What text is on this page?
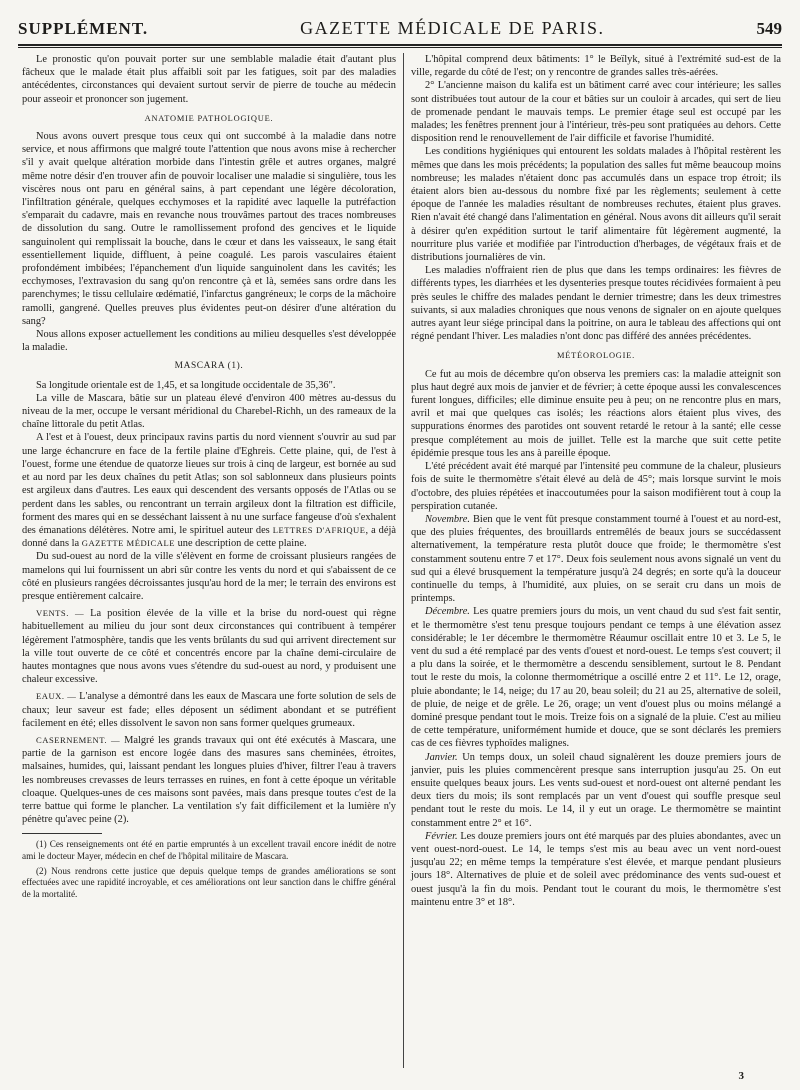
SUPPLÉMENT.	GAZETTE MÉDICALE DE PARIS.	549

Le pronostic qu'on pouvait porter sur une semblable maladie était d'autant plus fâcheux que le malade était plus affaibli soit par les fatigues, soit par des maladies antécédentes, circonstances qui devaient surtout servir de pierre de touche au médecin pour asseoir et prononcer son jugement.

ANATOMIE PATHOLOGIQUE.

Nous avons ouvert presque tous ceux qui ont succombé à la maladie dans notre service, et nous affirmons que malgré toute l'attention que nous avons mise à rechercher s'il y avait quelque altération morbide dans l'intestin grêle et autres organes, malgré même notre désir d'en trouver afin de pouvoir localiser une maladie si singulière, tous les viscères nous ont paru en général sains, à part cependant une légère décoloration, l'infiltration générale, quelques ecchymoses et la rapidité avec laquelle la putréfaction s'emparait du cadavre, mais en revanche nous trouvâmes partout des traces nombreuses de dissolution du sang. Outre le ramollissement profond des gencives et le liquide sanguinolent qui remplissait la bouche, dans le cœur et dans les vaisseaux, le sang était essentiellement liquide, diffluent, à peine coagulé. Les parois vasculaires étaient profondément imbibées; l'épanchement d'un liquide sanguinolent dans les cavités; les ecchymoses, l'extravasion du sang qu'on rencontre çà et là, semées sans ordre dans les parenchymes; le tissu cellulaire œdématié, l'infarctus gangréneux; le corps de la mâchoire ramolli, gangrené. Quelles preuves plus évidentes peut-on désirer d'une altération du sang?

Nous allons exposer actuellement les conditions au milieu desquelles s'est développée la maladie.

MASCARA (1).

Sa longitude orientale est de 1,45, et sa longitude occidentale de 35,36".

La ville de Mascara, bâtie sur un plateau élevé d'environ 400 mètres au-dessus du niveau de la mer, occupe le versant méridional du Charebel-Richh, un des rameaux de la chaîne littorale du petit Atlas.

A l'est et à l'ouest, deux principaux ravins partis du nord viennent s'ouvrir au sud par une large échancrure en face de la fertile plaine d'Eghreis. Cette plaine, qui, de l'est à l'ouest, forme une étendue de quatorze lieues sur trois à cinq de largeur, est bornée au sud et au nord par les deux chaînes du petit Atlas; son sol sablonneux dans plusieurs points est argileux dans d'autres. Les eaux qui descendent des versants opposés de l'Atlas ou se perdent dans les sables, ou rencontrant un terrain argileux dont la filtration est difficile, forment des mares qui en se desséchant laissent à nu une surface fangeuse d'où s'exhalent des émanations délétères. Notre ami, le spirituel auteur des LETTRES D'AFRIQUE, a déjà donné dans la GAZETTE MÉDICALE une description de cette plaine.

Du sud-ouest au nord de la ville s'élèvent en forme de croissant plusieurs rangées de mamelons qui lui fournissent un abri sûr contre les vents du nord et qui s'abaissent de ce côté en plusieurs rangées décroissantes jusqu'au hord de la mer; le terrain des environs est presque entièrement calcaire.

VENTS. — La position élevée de la ville et la brise du nord-ouest qui règne habituellement au milieu du jour sont deux circonstances qui contribuent à tempérer légèrement l'atmosphère, tandis que les vents brûlants du sud qui arrivent directement sur la ville tout ouverte de ce côté et concentrés encore par la chaîne demi-circulaire de hautes montagnes que nous avons vues s'étendre du sud-ouest au nord, y produisent une chaleur excessive.

EAUX. — L'analyse a démontré dans les eaux de Mascara une forte solution de sels de chaux; leur saveur est fade; elles déposent un sédiment abondant et se putréfient facilement en été; elles dissolvent le savon non sans former quelques grumeaux.

CASERNEMENT. — Malgré les grands travaux qui ont été exécutés à Mascara, une partie de la garnison est encore logée dans des masures sans cheminées, étroites, malsaines, humides, qui, laissant pendant les longues pluies d'hiver, filtrer l'eau à travers les nombreuses crevasses de leurs terrasses en ruines, en font à cette époque un véritable cloaque. Quelques-unes de ces maisons sont pavées, mais dans presque toutes c'est de la terre battue qui forme le plancher. La ventilation s'y fait difficilement et la lumière n'y pénètre qu'avec peine (2).

(1) Ces renseignements ont été en partie empruntés à un excellent travail encore inédit de notre ami le docteur Mayer, médecin en chef de l'hôpital militaire de Mascara.

(2) Nous rendrons cette justice que depuis quelque temps de grandes améliorations se sont effectuées avec une rapidité incroyable, et ces améliorations ont leur sanction dans le chiffre général de la mortalité.

L'hôpital comprend deux bâtiments: 1° le Beïlyk, situé à l'extrémité sud-est de la ville, regarde du côté de l'est; on y rencontre de grandes salles très-aérées.

2° L'ancienne maison du kalifa est un bâtiment carré avec cour intérieure; les salles sont distribuées tout autour de la cour et bâties sur un couloir à arcades, qui sert de lieu de promenade pendant le mauvais temps. Le premier étage seul est occupé par les malades; les fenêtres prennent jour à l'intérieur, très-peu sont pratiquées au dehors. Cette disposition rend le renouvellement de l'air difficile et favorise l'humidité.

Les conditions hygiéniques qui entourent les soldats malades à l'hôpital restèrent les mêmes que dans les mois précédents; la population des salles fut même beaucoup moins nombreuse; les malades n'étaient donc pas accumulés dans un espace trop étroit; ils étaient alors bien au-dessous du nombre fixé par les règlements; seulement à cette époque de l'année les maladies résultant de nombreuses rechutes, étaient plus graves. Rien n'avait été changé dans l'alimentation en général. Nous avons dit ailleurs qu'il serait à désirer qu'en expédition surtout le tarif alimentaire fût légèrement augmenté, la nourriture plus variée et modifiée par l'introduction d'herbages, de végétaux frais et de distributions journalières de vin.

Les maladies n'offraient rien de plus que dans les temps ordinaires: les fièvres de différents types, les diarrhées et les dysenteries presque toutes récidivées formaient à peu près seules le chiffre des malades pendant le dernier trimestre; dans les deux trimestres suivants, si aux maladies chroniques que nous venons de signaler on en ajoute quelques autres ayant leur siége principal dans la poitrine, on aura le tableau des affections qui ont régné pendant l'hiver. Les maladies n'ont donc pas différé des années précédentes.

MÉTÉOROLOGIE.

Ce fut au mois de décembre qu'on observa les premiers cas: la maladie atteignit son plus haut degré aux mois de janvier et de février; à cette époque aussi les convalescences furent longues, difficiles; elle diminue ensuite peu à peu; on ne rencontre plus en mars, avril et mai que quelques cas isolés; les réactions alors étaient plus vives, des suppurations énormes des parotides ont souvent retardé le retour à la santé; elle cesse presque complétement au mois de juillet. Telle est la marche que suit cette petite épidémie presque tous les ans à pareille époque.

L'été précédent avait été marqué par l'intensité peu commune de la chaleur, plusieurs fois de suite le thermomètre s'était élevé au delà de 45°; mais lorsque survint le mois d'octobre, des pluies répétées et inaccoutumées pour la saison modifièrent tout à coup la perspiration cutanée.

Novembre. Bien que le vent fût presque constamment tourné à l'ouest et au nord-est, que des pluies fréquentes, des brouillards entremêlés de beaux jours se succédassent alternativement, la température resta plutôt douce que froide; le thermomètre s'est constamment soutenu entre 7 et 17°. Deux fois seulement nous avons signalé un vent du sud qui a élevé brusquement la température jusqu'à 24 degrés; en sorte qu'à la douceur continuelle du temps, à l'humidité, aux pluies, on se serait cru dans un mois de printemps.

Décembre. Les quatre premiers jours du mois, un vent chaud du sud s'est fait sentir, et le thermomètre s'est tenu presque toujours pendant ce temps à une élévation assez considérable; le 1er décembre le thermomètre Réaumur oscillait entre 10 et 3. Le 5, le vent du sud a été remplacé par des vents d'ouest et nord-ouest. Le temps s'est couvert; il a plu dans la soirée, et le thermomètre a descendu sensiblement, surtout le 8. Pendant tout le reste du mois, la colonne thermométrique a oscillé entre 2 et 11°. Le 12, orage, pluie abondante; le 14, neige; du 17 au 20, beau soleil; du 21 au 25, alternative de soleil, de pluie, de neige et de grêle. Le 26, orage; un vent d'ouest plus ou moins mélangé a dominé presque pendant tout le mois. Treize fois on a signalé de la pluie. C'est au milieu de cette température, uniformément humide et douce, que se sont déclarés les premiers cas de ces fièvres typhoïdes malignes.

Janvier. Un temps doux, un soleil chaud signalèrent les douze premiers jours de janvier, puis les pluies commencèrent presque sans interruption jusqu'au 25. On eut ensuite quelques beaux jours. Les vents sud-ouest et nord-ouest ont alterné pendant les deux tiers du mois; ils sont remplacés par un vent d'ouest qui souffle presque seul pendant tout le reste du mois. Le 14, il y eut un orage. Le thermomètre se maintint constamment entre 2° et 16°.

Février. Les douze premiers jours ont été marqués par des pluies abondantes, avec un vent ouest-nord-ouest. Le 14, le temps s'est mis au beau avec un vent nord-ouest jusqu'au 22; en même temps la température s'est élevée, et marque pendant plusieurs jours 18°. Alternatives de pluie et de soleil avec prédominance des vents sud-ouest et ouest jusqu'à la fin du mois. Pendant tout le courant du mois, le thermomètre s'est maintenu entre 3° et 18°.

3
